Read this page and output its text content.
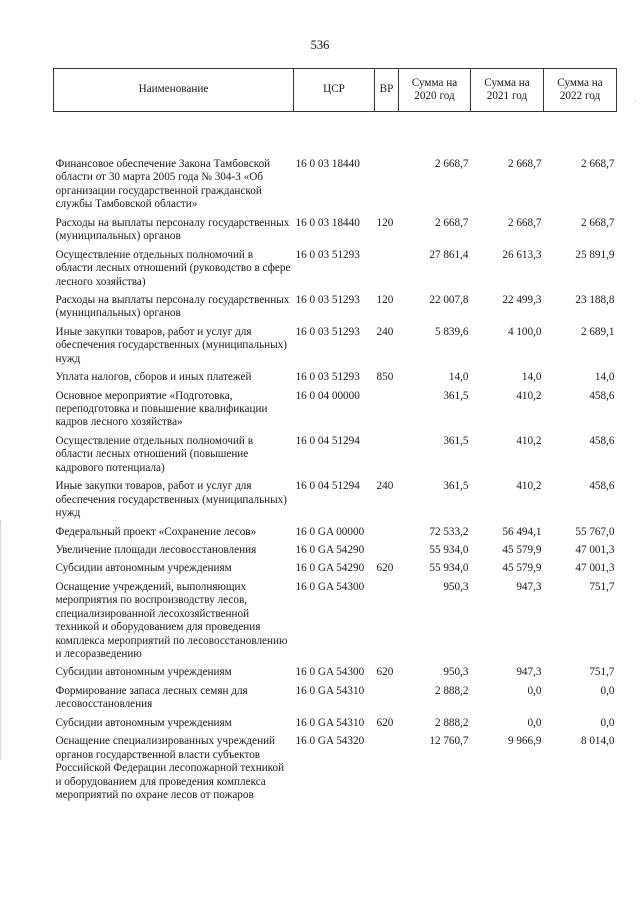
536
Наименование	ЦСР	ВР	Сумма на 2020 год	Сумма на 2021 год	Сумма на 2022 год
Финансовое обеспечение Закона Тамбовской области от 30 марта 2005 года № 304-З «Об организации государственной гражданской службы Тамбовской области»	16 0 03 18440		2 668,7	2 668,7	2 668,7
Расходы на выплаты персоналу государственных (муниципальных) органов	16 0 03 18440	120	2 668,7	2 668,7	2 668,7
Осуществление отдельных полномочий в области лесных отношений (руководство в сфере лесного хозяйства)	16 0 03 51293		27 861,4	26 613,3	25 891,9
Расходы на выплаты персоналу государственных (муниципальных) органов	16 0 03 51293	120	22 007,8	22 499,3	23 188,8
Иные закупки товаров, работ и услуг для обеспечения государственных (муниципальных) нужд	16 0 03 51293	240	5 839,6	4 100,0	2 689,1
Уплата налогов, сборов и иных платежей	16 0 03 51293	850	14,0	14,0	14,0
Основное мероприятие «Подготовка, переподготовка и повышение квалификации кадров лесного хозяйства»	16 0 04 00000		361,5	410,2	458,6
Осуществление отдельных полномочий в области лесных отношений (повышение кадрового потенциала)	16 0 04 51294		361,5	410,2	458,6
Иные закупки товаров, работ и услуг для обеспечения государственных (муниципальных) нужд	16 0 04 51294	240	361,5	410,2	458,6
Федеральный проект «Сохранение лесов»	16 0 GA 00000		72 533,2	56 494,1	55 767,0
Увеличение площади лесовосстановления	16 0 GA 54290		55 934,0	45 579,9	47 001,3
Субсидии автономным учреждениям	16 0 GA 54290	620	55 934,0	45 579,9	47 001,3
Оснащение учреждений, выполняющих мероприятия по воспроизводству лесов, специализированной лесохозяйственной техникой и оборудованием для проведения комплекса мероприятий по лесовосстановлению и лесоразведению	16 0 GA 54300		950,3	947,3	751,7
Субсидии автономным учреждениям	16 0 GA 54300	620	950,3	947,3	751,7
Формирование запаса лесных семян для лесовосстановления	16 0 GA 54310		2 888,2	0,0	0,0
Субсидии автономным учреждениям	16 0 GA 54310	620	2 888,2	0,0	0,0
Оснащение специализированных учреждений органов государственной власти субъектов Российской Федерации лесопожарной техникой и оборудованием для проведения комплекса мероприятий по охране лесов от пожаров	16 0 GA 54320		12 760,7	9 966,9	8 014,0
